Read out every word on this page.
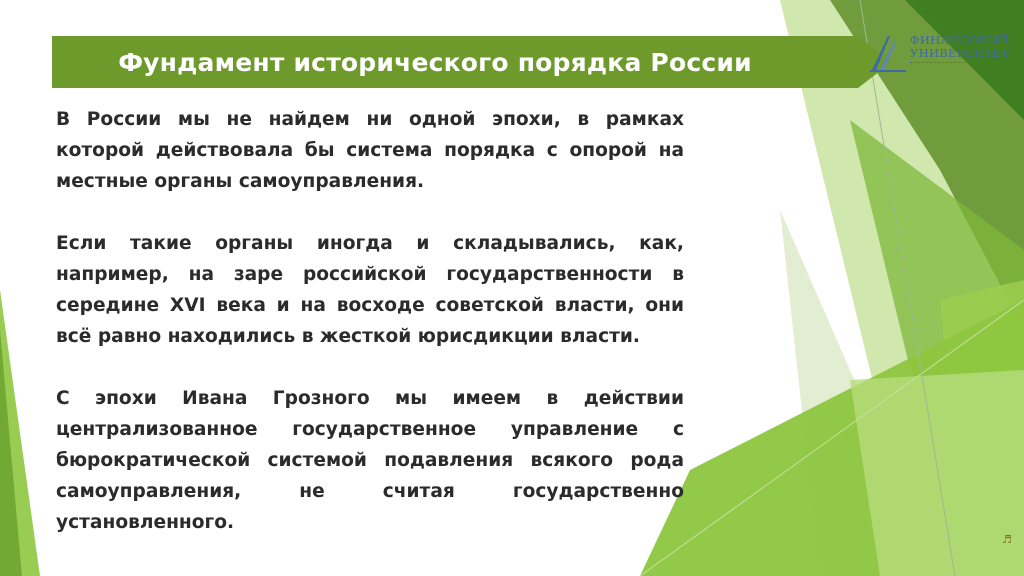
Фундамент исторического порядка России
ФИНАНСОВЫЙ
УНИВЕРСИТЕТ

В России мы не найдем ни одной эпохи, в рамках которой действовала бы система порядка с опорой на местные органы самоуправления.

Если такие органы иногда и складывались, как, например, на заре российской государственности в середине XVI века и на восходе советской власти, они всё равно находились в жесткой юрисдикции власти.

С эпохи Ивана Грозного мы имеем в действии централизованное государственное управление с бюрократической системой подавления всякого рода самоуправления, не считая государственно установленного.

♬
